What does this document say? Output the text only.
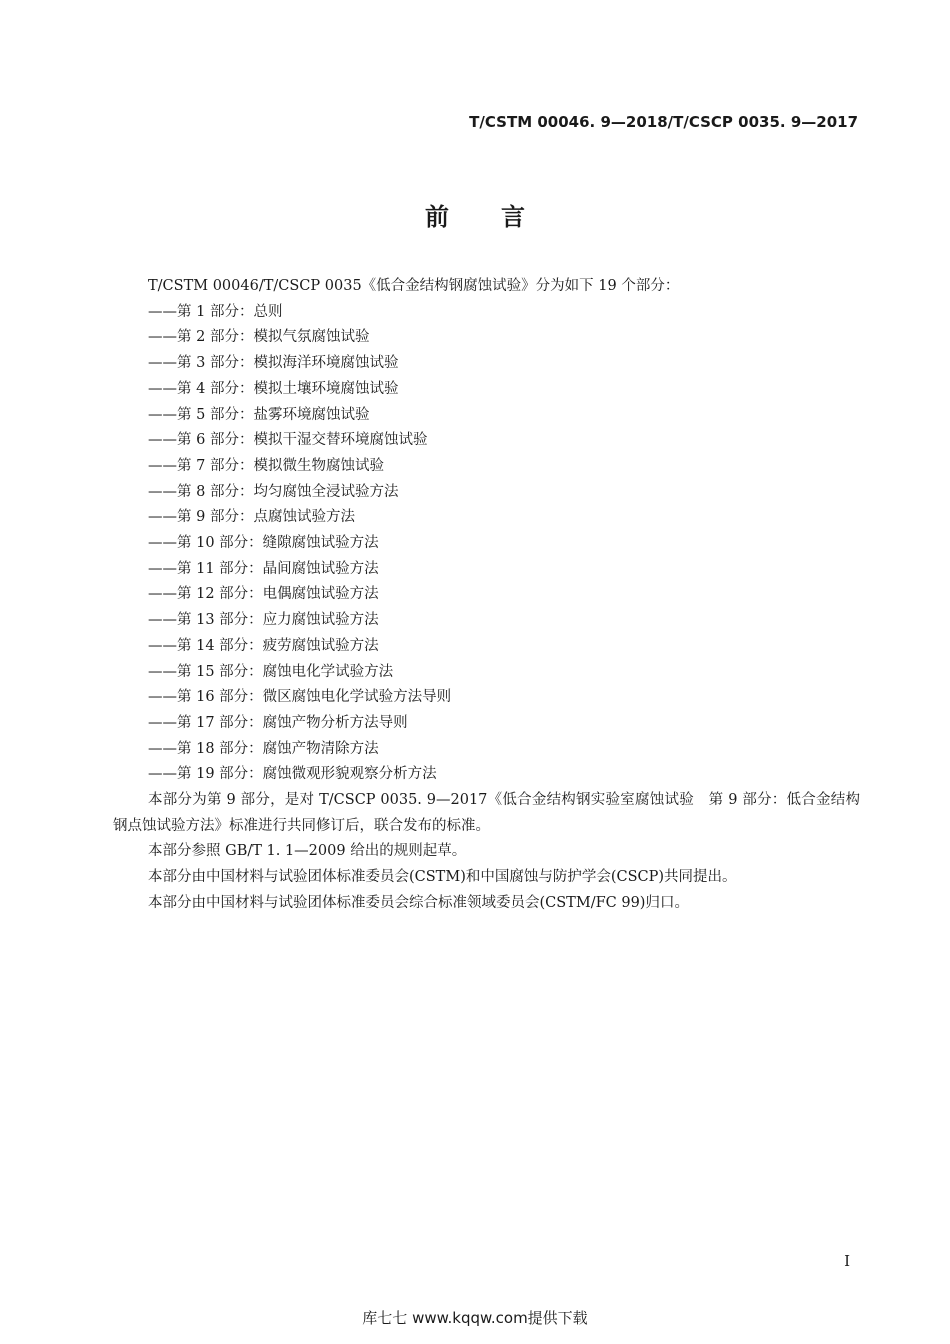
T/CSTM 00046. 9—2018/T/CSCP 0035. 9—2017
前言
T/CSTM 00046/T/CSCP 0035《低合金结构钢腐蚀试验》分为如下 19 个部分：
——第 1 部分：总则
——第 2 部分：模拟气氛腐蚀试验
——第 3 部分：模拟海洋环境腐蚀试验
——第 4 部分：模拟土壤环境腐蚀试验
——第 5 部分：盐雾环境腐蚀试验
——第 6 部分：模拟干湿交替环境腐蚀试验
——第 7 部分：模拟微生物腐蚀试验
——第 8 部分：均匀腐蚀全浸试验方法
——第 9 部分：点腐蚀试验方法
——第 10 部分：缝隙腐蚀试验方法
——第 11 部分：晶间腐蚀试验方法
——第 12 部分：电偶腐蚀试验方法
——第 13 部分：应力腐蚀试验方法
——第 14 部分：疲劳腐蚀试验方法
——第 15 部分：腐蚀电化学试验方法
——第 16 部分：微区腐蚀电化学试验方法导则
——第 17 部分：腐蚀产物分析方法导则
——第 18 部分：腐蚀产物清除方法
——第 19 部分：腐蚀微观形貌观察分析方法
本部分为第 9 部分，是对 T/CSCP 0035. 9—2017《低合金结构钢实验室腐蚀试验　第 9 部分：低合金结构钢点蚀试验方法》标准进行共同修订后，联合发布的标准。
本部分参照 GB/T 1. 1—2009 给出的规则起草。
本部分由中国材料与试验团体标准委员会(CSTM)和中国腐蚀与防护学会(CSCP)共同提出。
本部分由中国材料与试验团体标准委员会综合标准领域委员会(CSTM/FC 99)归口。
I
库七七 www.kqqw.com提供下载
